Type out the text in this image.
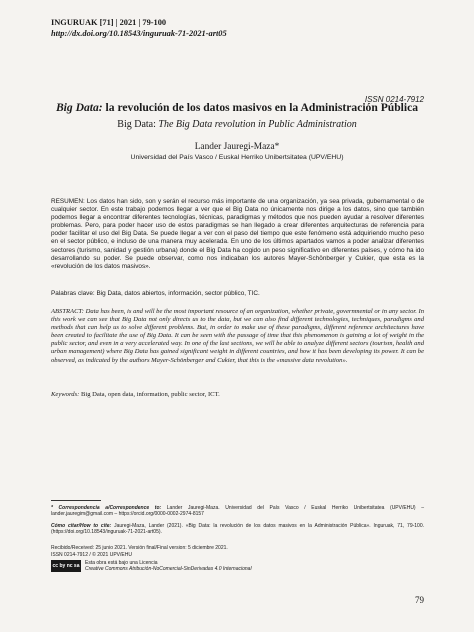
INGURUAK [71] | 2021 | 79-100
http://dx.doi.org/10.18543/inguruak-71-2021-art05
ISSN 0214-7912
Big Data: la revolución de los datos masivos en la Administración Pública
Big Data: The Big Data revolution in Public Administration
Lander Jauregi-Maza*
Universidad del País Vasco / Euskal Herriko Unibertsitatea (UPV/EHU)
RESUMEN: Los datos han sido, son y serán el recurso más importante de una organización, ya sea privada, gubernamental o de cualquier sector. En este trabajo podemos llegar a ver que el Big Data no únicamente nos dirige a los datos, sino que también podemos llegar a encontrar diferentes tecnologías, técnicas, paradigmas y métodos que nos pueden ayudar a resolver diferentes problemas. Pero, para poder hacer uso de estos paradigmas se han llegado a crear diferentes arquitecturas de referencia para poder facilitar el uso del Big Data. Se puede llegar a ver con el paso del tiempo que este fenómeno está adquiriendo mucho peso en el sector público, e incluso de una manera muy acelerada. En uno de los últimos apartados vamos a poder analizar diferentes sectores (turismo, sanidad y gestión urbana) donde el Big Data ha cogido un peso significativo en diferentes países, y cómo ha ido desarrollando su poder. Se puede observar, como nos indicaban los autores Mayer-Schönberger y Cukier, que esta es la «revolución de los datos masivos».
Palabras clave: Big Data, datos abiertos, información, sector público, TIC.
ABSTRACT: Data has been, is and will be the most important resource of an organization, whether private, governmental or in any sector. In this work we can see that Big Data not only directs us to the data, but we can also find different technologies, techniques, paradigms and methods that can help us to solve different problems. But, in order to make use of these paradigms, different reference architectures have been created to facilitate the use of Big Data. It can be seen with the passage of time that this phenomenon is gaining a lot of weight in the public sector, and even in a very accelerated way. In one of the last sections, we will be able to analyze different sectors (tourism, health and urban management) where Big Data has gained significant weight in different countries, and how it has been developing its power. It can be observed, as indicated by the authors Mayer-Schönberger and Cukier, that this is the «massive data revolution».
Keywords: Big Data, open data, information, public sector, ICT.
* Correspondencia a/Correspondence to: Lander Jauregi-Maza. Universidad del País Vasco / Euskal Herriko Unibertsitatea (UPV/EHU) – lander.jauregim@gmail.com – https://orcid.org/0000-0002-2974-8157
Cómo citar/How to cite: Jauregi-Maza, Lander (2021). «Big Data: la revolución de los datos masivos en la Administración Pública». Inguruak, 71, 79-100. (https://doi.org/10.18543/inguruak-71-2021-art05).
Recibido/Received: 25 junio 2021. Versión final/Final version: 5 diciembre 2021.
ISSN 0214-7912 / © 2021 UPV/EHU
cc by nc sa Esta obra está bajo una Licencia
Creative Commons Atribución-NoComercial-SinDerivadas 4.0 Internacional
79
